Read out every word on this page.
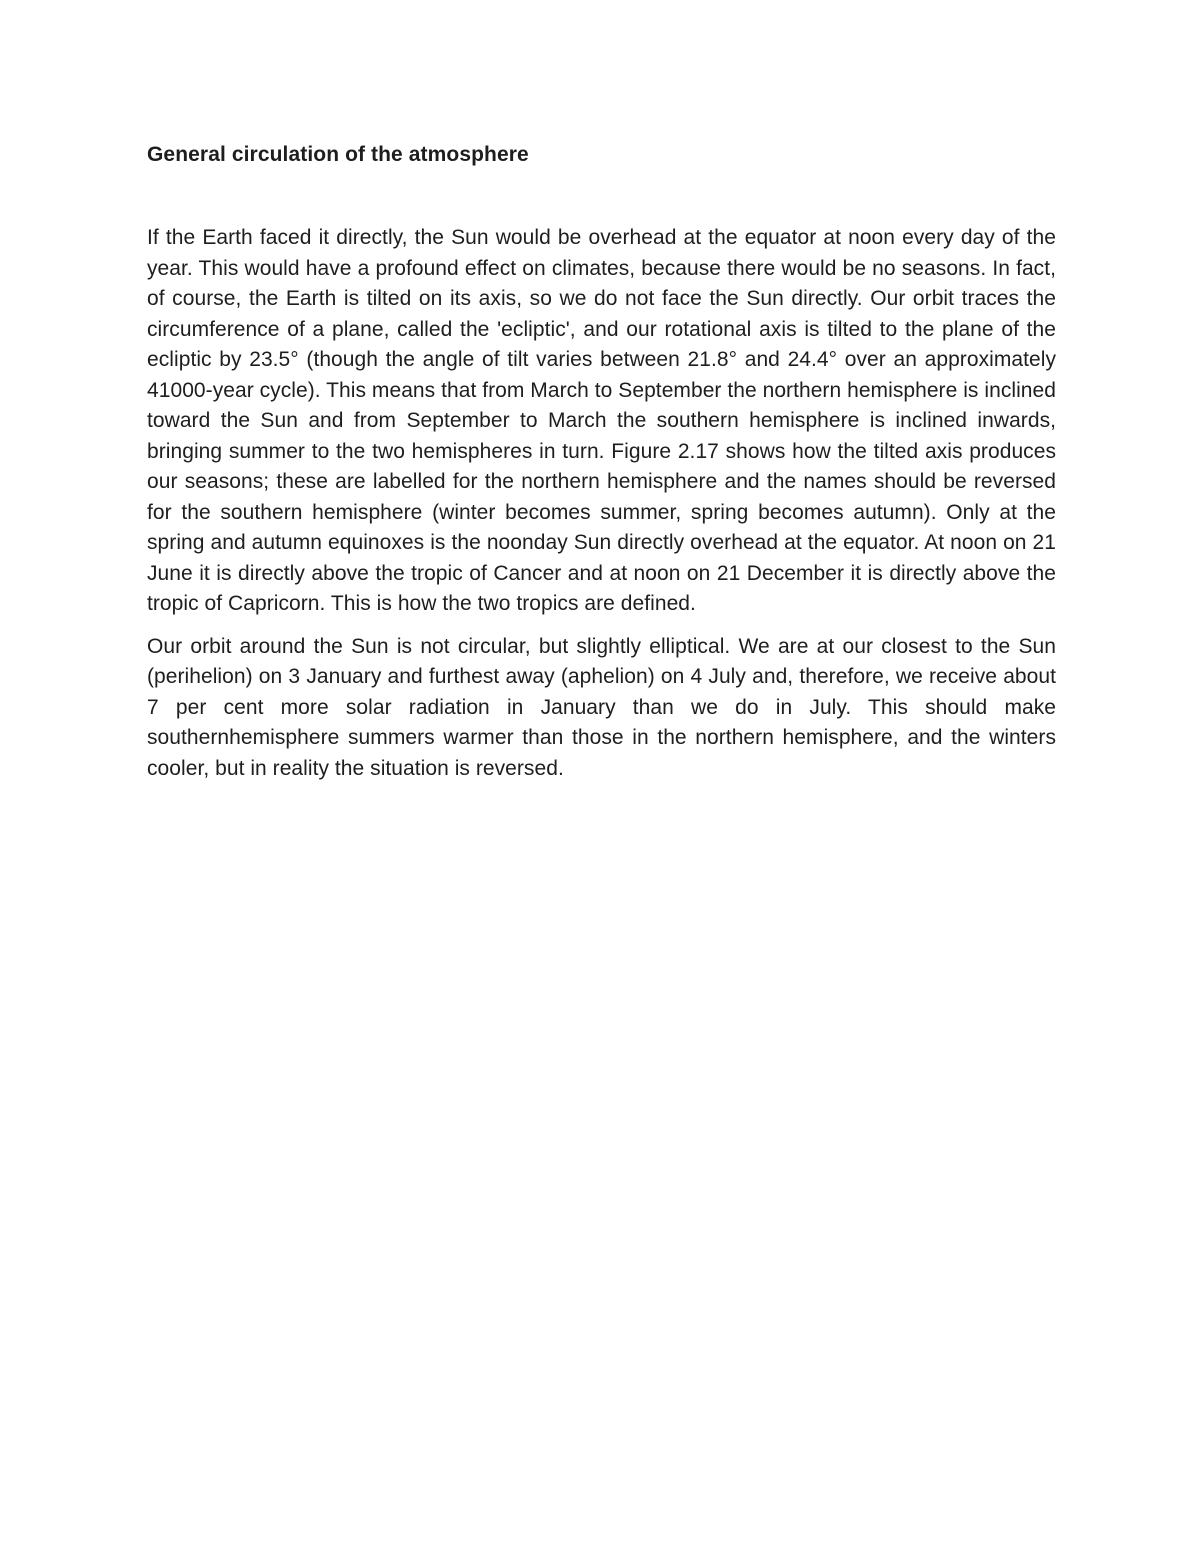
General circulation of the atmosphere

If the Earth faced it directly, the Sun would be overhead at the equator at noon every day of the year. This would have a profound effect on climates, because there would be no seasons. In fact, of course, the Earth is tilted on its axis, so we do not face the Sun directly. Our orbit traces the circumference of a plane, called the 'ecliptic', and our rotational axis is tilted to the plane of the ecliptic by 23.5° (though the angle of tilt varies between 21.8° and 24.4° over an approximately 41000-year cycle). This means that from March to September the northern hemisphere is inclined toward the Sun and from September to March the southern hemisphere is inclined inwards, bringing summer to the two hemispheres in turn. Figure 2.17 shows how the tilted axis produces our seasons; these are labelled for the northern hemisphere and the names should be reversed for the southern hemisphere (winter becomes summer, spring becomes autumn). Only at the spring and autumn equinoxes is the noonday Sun directly overhead at the equator. At noon on 21 June it is directly above the tropic of Cancer and at noon on 21 December it is directly above the tropic of Capricorn. This is how the two tropics are defined.

Our orbit around the Sun is not circular, but slightly elliptical. We are at our closest to the Sun (perihelion) on 3 January and furthest away (aphelion) on 4 July and, therefore, we receive about 7 per cent more solar radiation in January than we do in July. This should make southernhemisphere summers warmer than those in the northern hemisphere, and the winters cooler, but in reality the situation is reversed.
